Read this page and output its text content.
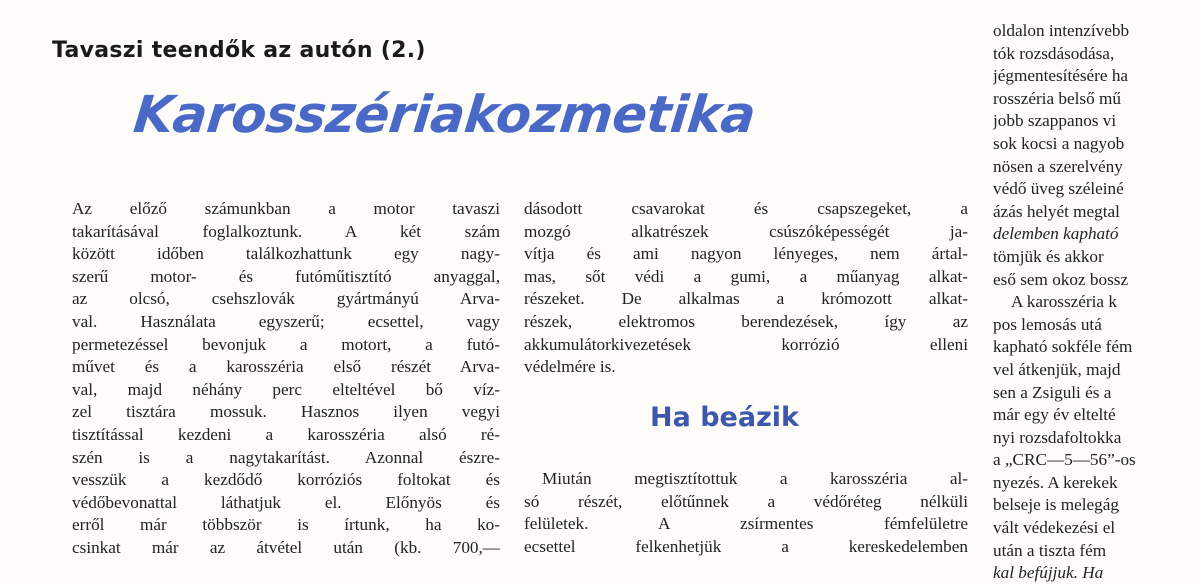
Tavaszi teendők az autón (2.)
Karosszériakozmetika
Az előző számunkban a motor tavaszi
takarításával foglalkoztunk. A két szám
között időben találkozhattunk egy nagy-
szerű motor- és futóműtisztító anyaggal,
az olcsó, csehszlovák gyártmányú Arva-
val. Használata egyszerű; ecsettel, vagy
permetezéssel bevonjuk a motort, a futó-
művet és a karosszéria első részét Arva-
val, majd néhány perc elteltével bő víz-
zel tisztára mossuk. Hasznos ilyen vegyi
tisztítással kezdeni a karosszéria alsó ré-
szén is a nagytakarítást. Azonnal észre-
vesszük a kezdődő korróziós foltokat és
védőbevonattal láthatjuk el. Előnyös és
erről már többször is írtunk, ha ko-
csinkat már az átvétel után (kb. 700,—
dásodott csavarokat és csapszegeket, a
mozgó alkatrészek csúszóképességét ja-
vítja és ami nagyon lényeges, nem ártal-
mas, sőt védi a gumi, a műanyag alkat-
részeket. De alkalmas a krómozott alkat-
részek, elektromos berendezések, így az
akkumulátorkivezetések korrózió elleni
védelmére is.
Ha beázik
Miután megtisztítottuk a karosszéria al-
só részét, előtűnnek a védőréteg nélküli
felületek. A zsírmentes fémfelületre
ecsettel felkenhetjük a kereskedelemben
oldalon intenzívebb
tók rozsdásodása,
jégmentesítésére ha
rosszéria belső mű
jobb szappanos vi
sok kocsi a nagyob
nösen a szerelvény
védő üveg széleiné
ázás helyét megtal
delemben kapható
tömjük és akkor
eső sem okoz bossz
A karosszéria k
pos lemosás utá
kapható sokféle fém
vel átkenjük, majd
sen a Zsiguli és a
már egy év eltelté
nyi rozsdafoltokka
a „CRC—5—56”-os
nyezés. A kerekek
belseje is melegág
vált védekezési el
után a tiszta fém
kal befújjuk. Ha
